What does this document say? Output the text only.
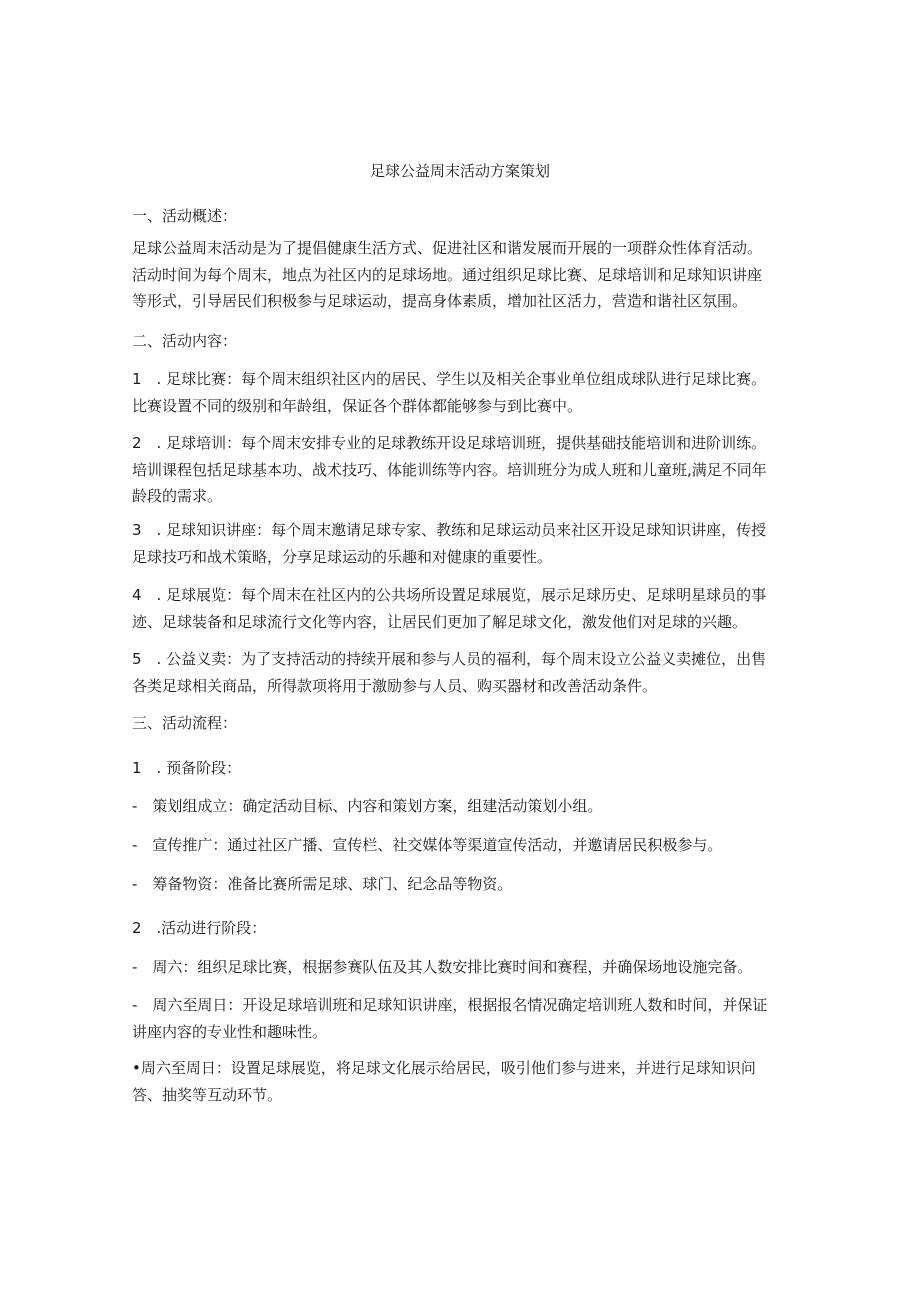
足球公益周末活动方案策划
一、活动概述：
足球公益周末活动是为了提倡健康生活方式、促进社区和谐发展而开展的一项群众性体育活动。
活动时间为每个周末，地点为社区内的足球场地。通过组织足球比赛、足球培训和足球知识讲座
等形式，引导居民们积极参与足球运动，提高身体素质，增加社区活力，营造和谐社区氛围。
二、活动内容：
1　. 足球比赛：每个周末组织社区内的居民、学生以及相关企事业单位组成球队进行足球比赛。
比赛设置不同的级别和年龄组，保证各个群体都能够参与到比赛中。
2　. 足球培训：每个周末安排专业的足球教练开设足球培训班，提供基础技能培训和进阶训练。
培训课程包括足球基本功、战术技巧、体能训练等内容。培训班分为成人班和儿童班,满足不同年
龄段的需求。
3　. 足球知识讲座：每个周末邀请足球专家、教练和足球运动员来社区开设足球知识讲座，传授
足球技巧和战术策略，分享足球运动的乐趣和对健康的重要性。
4　. 足球展览：每个周末在社区内的公共场所设置足球展览，展示足球历史、足球明星球员的事
迹、足球装备和足球流行文化等内容，让居民们更加了解足球文化，激发他们对足球的兴趣。
5　. 公益义卖：为了支持活动的持续开展和参与人员的福利，每个周末设立公益义卖摊位，出售
各类足球相关商品，所得款项将用于激励参与人员、购买器材和改善活动条件。
三、活动流程：
1　. 预备阶段：
-　策划组成立：确定活动目标、内容和策划方案，组建活动策划小组。
-　宣传推广：通过社区广播、宣传栏、社交媒体等渠道宣传活动，并邀请居民积极参与。
-　筹备物资：准备比赛所需足球、球门、纪念品等物资。
2　.活动进行阶段：
-　周六：组织足球比赛，根据参赛队伍及其人数安排比赛时间和赛程，并确保场地设施完备。
-　周六至周日：开设足球培训班和足球知识讲座，根据报名情况确定培训班人数和时间，并保证
讲座内容的专业性和趣味性。
•周六至周日：设置足球展览，将足球文化展示给居民，吸引他们参与进来，并进行足球知识问
答、抽奖等互动环节。
